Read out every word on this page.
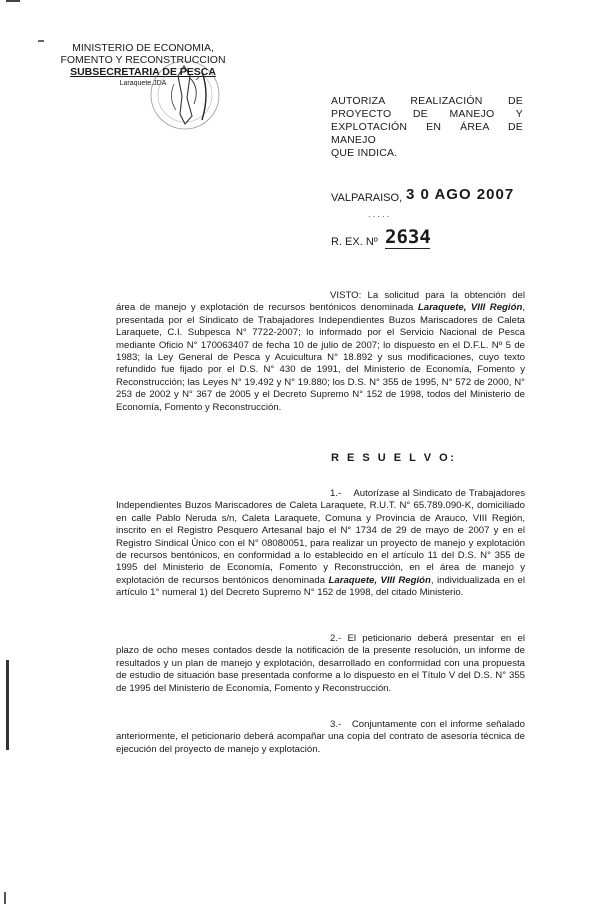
MINISTERIO DE ECONOMIA,
FOMENTO Y RECONSTRUCCION
SUBSECRETARIA DE PESCA
Laraquete.JDA
AUTORIZA REALIZACIÓN DE
PROYECTO DE MANEJO Y
EXPLOTACIÓN EN ÁREA DE MANEJO
QUE INDICA.
VALPARAISO, 3 0 AGO 2007
·····
R. EX. Nº 2634
VISTO: La solicitud para la obtención del área de manejo y explotación de recursos bentónicos denominada Laraquete, VIII Región, presentada por el Sindicato de Trabajadores Independientes Buzos Mariscadores de Caleta Laraquete, C.I. Subpesca N° 7722-2007; lo informado por el Servicio Nacional de Pesca mediante Oficio N° 170063407 de fecha 10 de julio de 2007; lo dispuesto en el D.F.L. Nº 5 de 1983; la Ley General de Pesca y Acuicultura N° 18.892 y sus modificaciones, cuyo texto refundido fue fijado por el D.S. N° 430 de 1991, del Ministerio de Economía, Fomento y Reconstrucción; las Leyes N° 19.492 y N° 19.880; los D.S. N° 355 de 1995, N° 572 de 2000, N° 253 de 2002 y N° 367 de 2005 y el Decreto Supremo N° 152 de 1998, todos del Ministerio de Economía, Fomento y Reconstrucción.
R E S U E L V O:
1.- Autorízase al Sindicato de Trabajadores Independientes Buzos Mariscadores de Caleta Laraquete, R.U.T. N° 65.789.090-K, domiciliado en calle Pablo Neruda s/n, Caleta Laraquete, Comuna y Provincia de Arauco, VIII Región, inscrito en el Registro Pesquero Artesanal bajo el N° 1734 de 29 de mayo de 2007 y en el Registro Sindical Único con el N° 08080051, para realizar un proyecto de manejo y explotación de recursos bentónicos, en conformidad a lo establecido en el artículo 11 del D.S. N° 355 de 1995 del Ministerio de Economía, Fomento y Reconstrucción, en el área de manejo y explotación de recursos bentónicos denominada Laraquete, VIII Región, individualizada en el artículo 1° numeral 1) del Decreto Supremo N° 152 de 1998, del citado Ministerio.
2.- El peticionario deberá presentar en el plazo de ocho meses contados desde la notificación de la presente resolución, un informe de resultados y un plan de manejo y explotación, desarrollado en conformidad con una propuesta de estudio de situación base presentada conforme a lo dispuesto en el Título V del D.S. N° 355 de 1995 del Ministerio de Economía, Fomento y Reconstrucción.
3.- Conjuntamente con el informe señalado anteriormente, el peticionario deberá acompañar una copia del contrato de asesoría técnica de ejecución del proyecto de manejo y explotación.
